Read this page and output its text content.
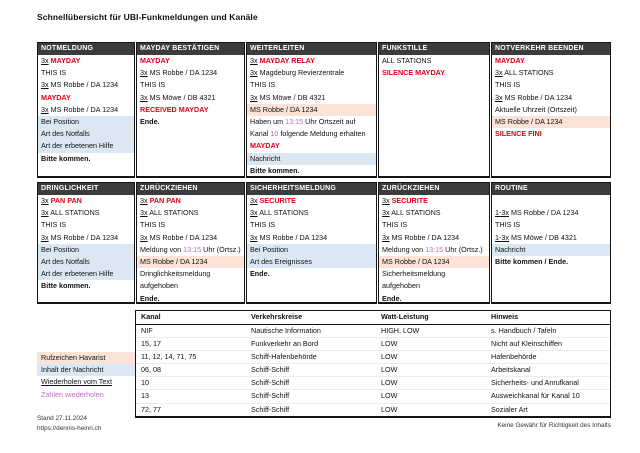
Schnellübersicht für UBI-Funkmeldungen und Kanäle
NOTMELDUNG
3x MAYDAY
THIS IS
3x MS Robbe / DA 1234
MAYDAY
3x MS Robbe / DA 1234
Bei Position
Art des Notfalls
Art der erbetenen Hilfe
Bitte kommen.
MAYDAY BESTÄTIGEN
MAYDAY
3x MS Robbe / DA 1234
THIS IS
3x MS Möwe / DB 4321
RECEIVED MAYDAY
Ende.
WEITERLEITEN
3x MAYDAY RELAY
3x Magdeburg Revierzentrale
THIS IS
3x MS Möwe / DB 4321
MS Robbe / DA 1234
Haben um 13:15 Uhr Ortszeit auf
Kanal 10 folgende Meldung erhalten
MAYDAY
Nachricht
Bitte kommen.
FUNKSTILLE
ALL STATIONS
SILENCE MAYDAY
NOTVERKEHR BEENDEN
MAYDAY
3x ALL STATIONS
THIS IS
3x MS Robbe / DA 1234
Aktuelle Uhrzeit (Ortszeit)
MS Robbe / DA 1234
SILENCE FINI
DRINGLICHKEIT
3x PAN PAN
3x ALL STATIONS
THIS IS
3x MS Robbe / DA 1234
Bei Position
Art des Notfalls
Art der erbetenen Hilfe
Bitte kommen.
ZURÜCKZIEHEN
3x PAN PAN
3x ALL STATIONS
THIS IS
3x MS Robbe / DA 1234
Meldung von 13:15 Uhr (Ortsz.)
MS Robbe / DA 1234
Dringlichkeitsmeldung
aufgehoben
Ende.
SICHERHEITSMELDUNG
3x SECURITE
3x ALL STATIONS
THIS IS
3x MS Robbe / DA 1234
Bei Position
Art des Ereignisses
Ende.
ZURÜCKZIEHEN
3x SECURITE
3x ALL STATIONS
THIS IS
3x MS Robbe / DA 1234
Meldung von 13:15 Uhr (Ortsz.)
MS Robbe / DA 1234
Sicherheitsmeldung
aufgehoben
Ende.
ROUTINE
1-3x MS Robbe / DA 1234
THIS IS
1-3x MS Möwe / DB 4321
Nachricht
Bitte kommen / Ende.
Rufzeichen Havarist
Inhalt der Nachricht
Wiederholen vom Text
Zahlen wiederholen
Kanal	Verkehrskreise	Watt-Leistung	Hinweis
NIF	Nautische Information	HIGH, LOW	s. Handbuch / Tafeln
15, 17	Funkverkehr an Bord	LOW	Nicht auf Kleinschiffen
11, 12, 14, 71, 75	Schiff-Hafenbehörde	LOW	Hafenbehörde
06, 08	Schiff-Schiff	LOW	Arbeitskanal
10	Schiff-Schiff	LOW	Sicherheits- und Anrufkanal
13	Schiff-Schiff	LOW	Ausweichkanal für Kanal 10
72, 77	Schiff-Schiff	LOW	Sozialer Art
Stand 27.11.2024
https://dennis-heinri.ch	Keine Gewähr für Richtigkeit des Inhalts
